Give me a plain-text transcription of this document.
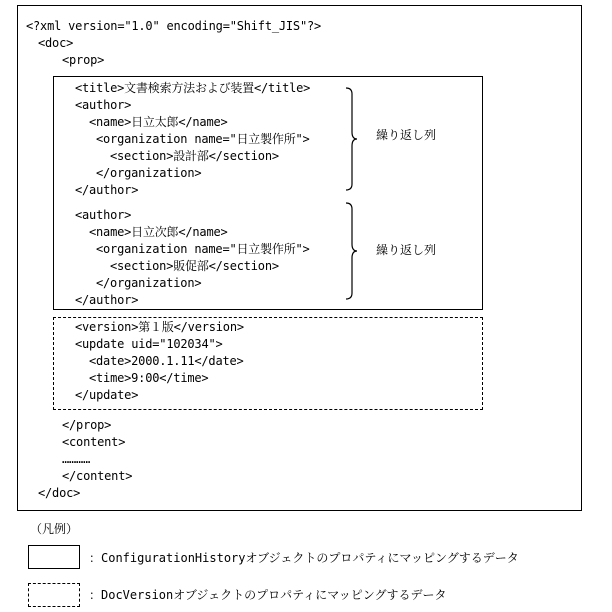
<?xml version="1.0" encoding="Shift_JIS"?>
<doc>
<prop>
<title>文書検索方法および装置</title>
<author>
<name>日立太郎</name>
<organization name="日立製作所">
<section>設計部</section>
</organization>
</author>
繰り返し列
<author>
<name>日立次郎</name>
<organization name="日立製作所">
<section>販促部</section>
</organization>
</author>
繰り返し列
<version>第１版</version>
<update uid="102034">
<date>2000.1.11</date>
<time>9:00</time>
</update>
</prop>
<content>
…………
</content>
</doc>
（凡例）
：ConfigurationHistoryオブジェクトのプロパティにマッピングするデータ
：DocVersionオブジェクトのプロパティにマッピングするデータ
